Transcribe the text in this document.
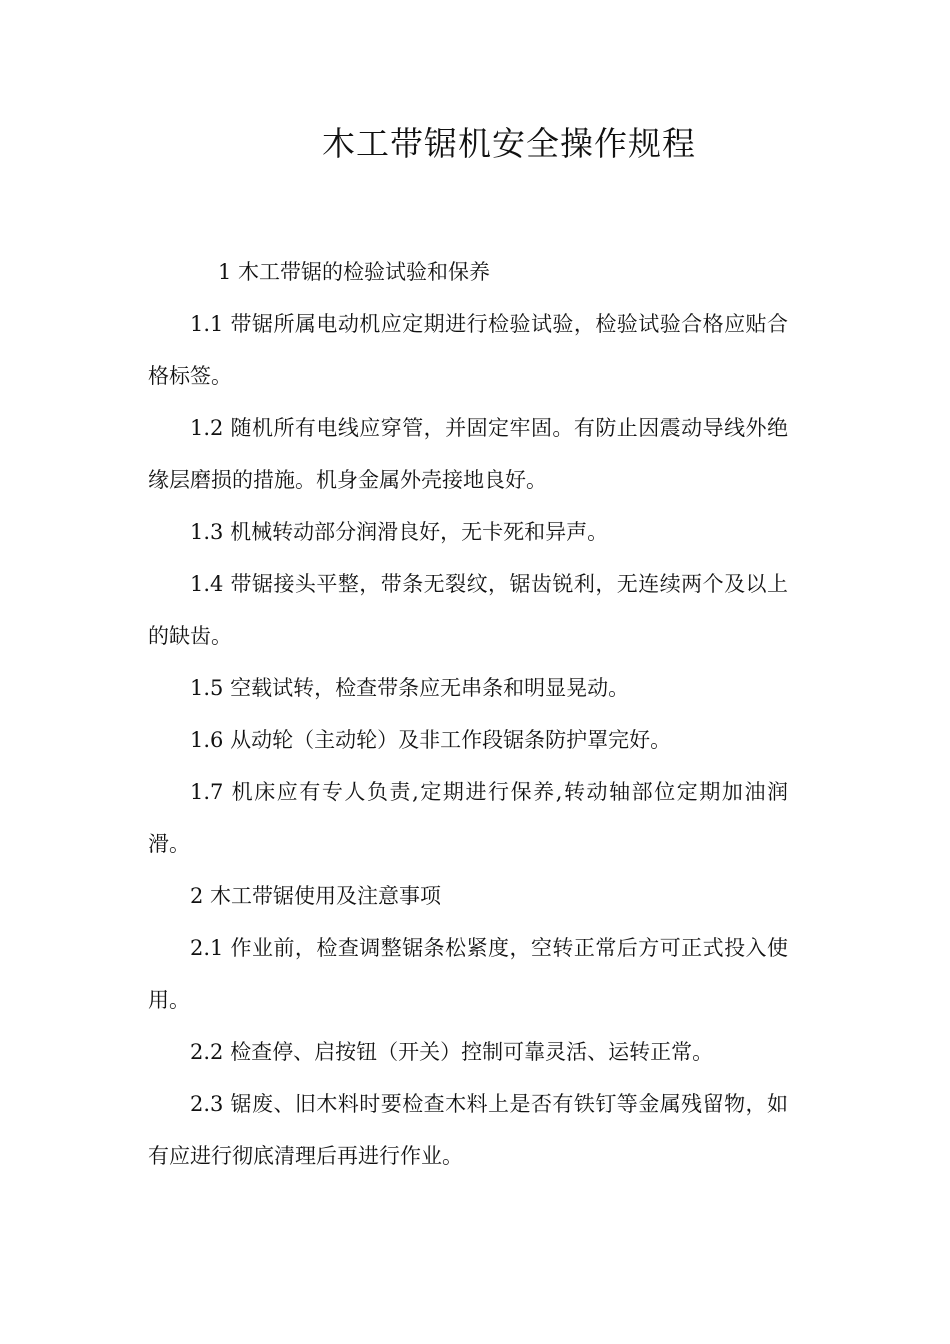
木工带锯机安全操作规程

1 木工带锯的检验试验和保养

1.1 带锯所属电动机应定期进行检验试验，检验试验合格应贴合格标签。

1.2 随机所有电线应穿管，并固定牢固。有防止因震动导线外绝缘层磨损的措施。机身金属外壳接地良好。

1.3 机械转动部分润滑良好，无卡死和异声。

1.4 带锯接头平整，带条无裂纹，锯齿锐利，无连续两个及以上的缺齿。

1.5 空载试转，检查带条应无串条和明显晃动。

1.6 从动轮（主动轮）及非工作段锯条防护罩完好。

1.7 机床应有专人负责,定期进行保养,转动轴部位定期加油润滑。

2 木工带锯使用及注意事项

2.1 作业前，检查调整锯条松紧度，空转正常后方可正式投入使用。

2.2 检查停、启按钮（开关）控制可靠灵活、运转正常。

2.3 锯废、旧木料时要检查木料上是否有铁钉等金属残留物，如有应进行彻底清理后再进行作业。
